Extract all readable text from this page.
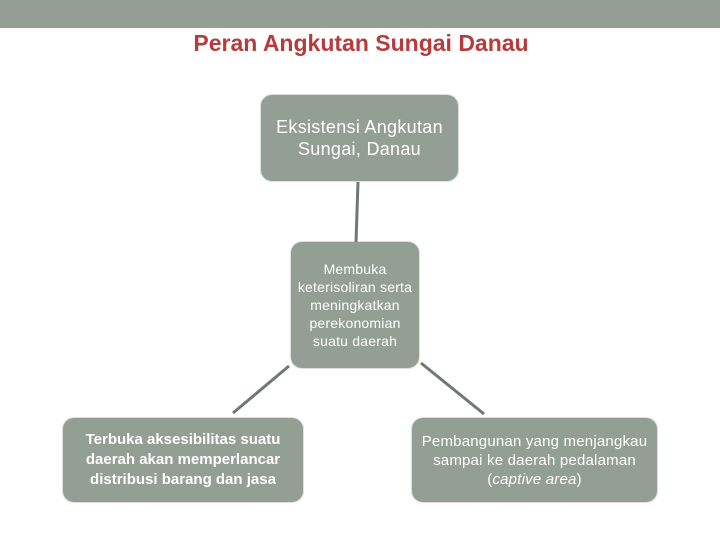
Peran Angkutan Sungai Danau
Eksistensi Angkutan Sungai, Danau
Membuka keterisoliran serta meningkatkan perekonomian suatu daerah
Terbuka aksesibilitas suatu daerah akan memperlancar distribusi barang dan jasa
Pembangunan yang menjangkau sampai ke daerah pedalaman (captive area)
